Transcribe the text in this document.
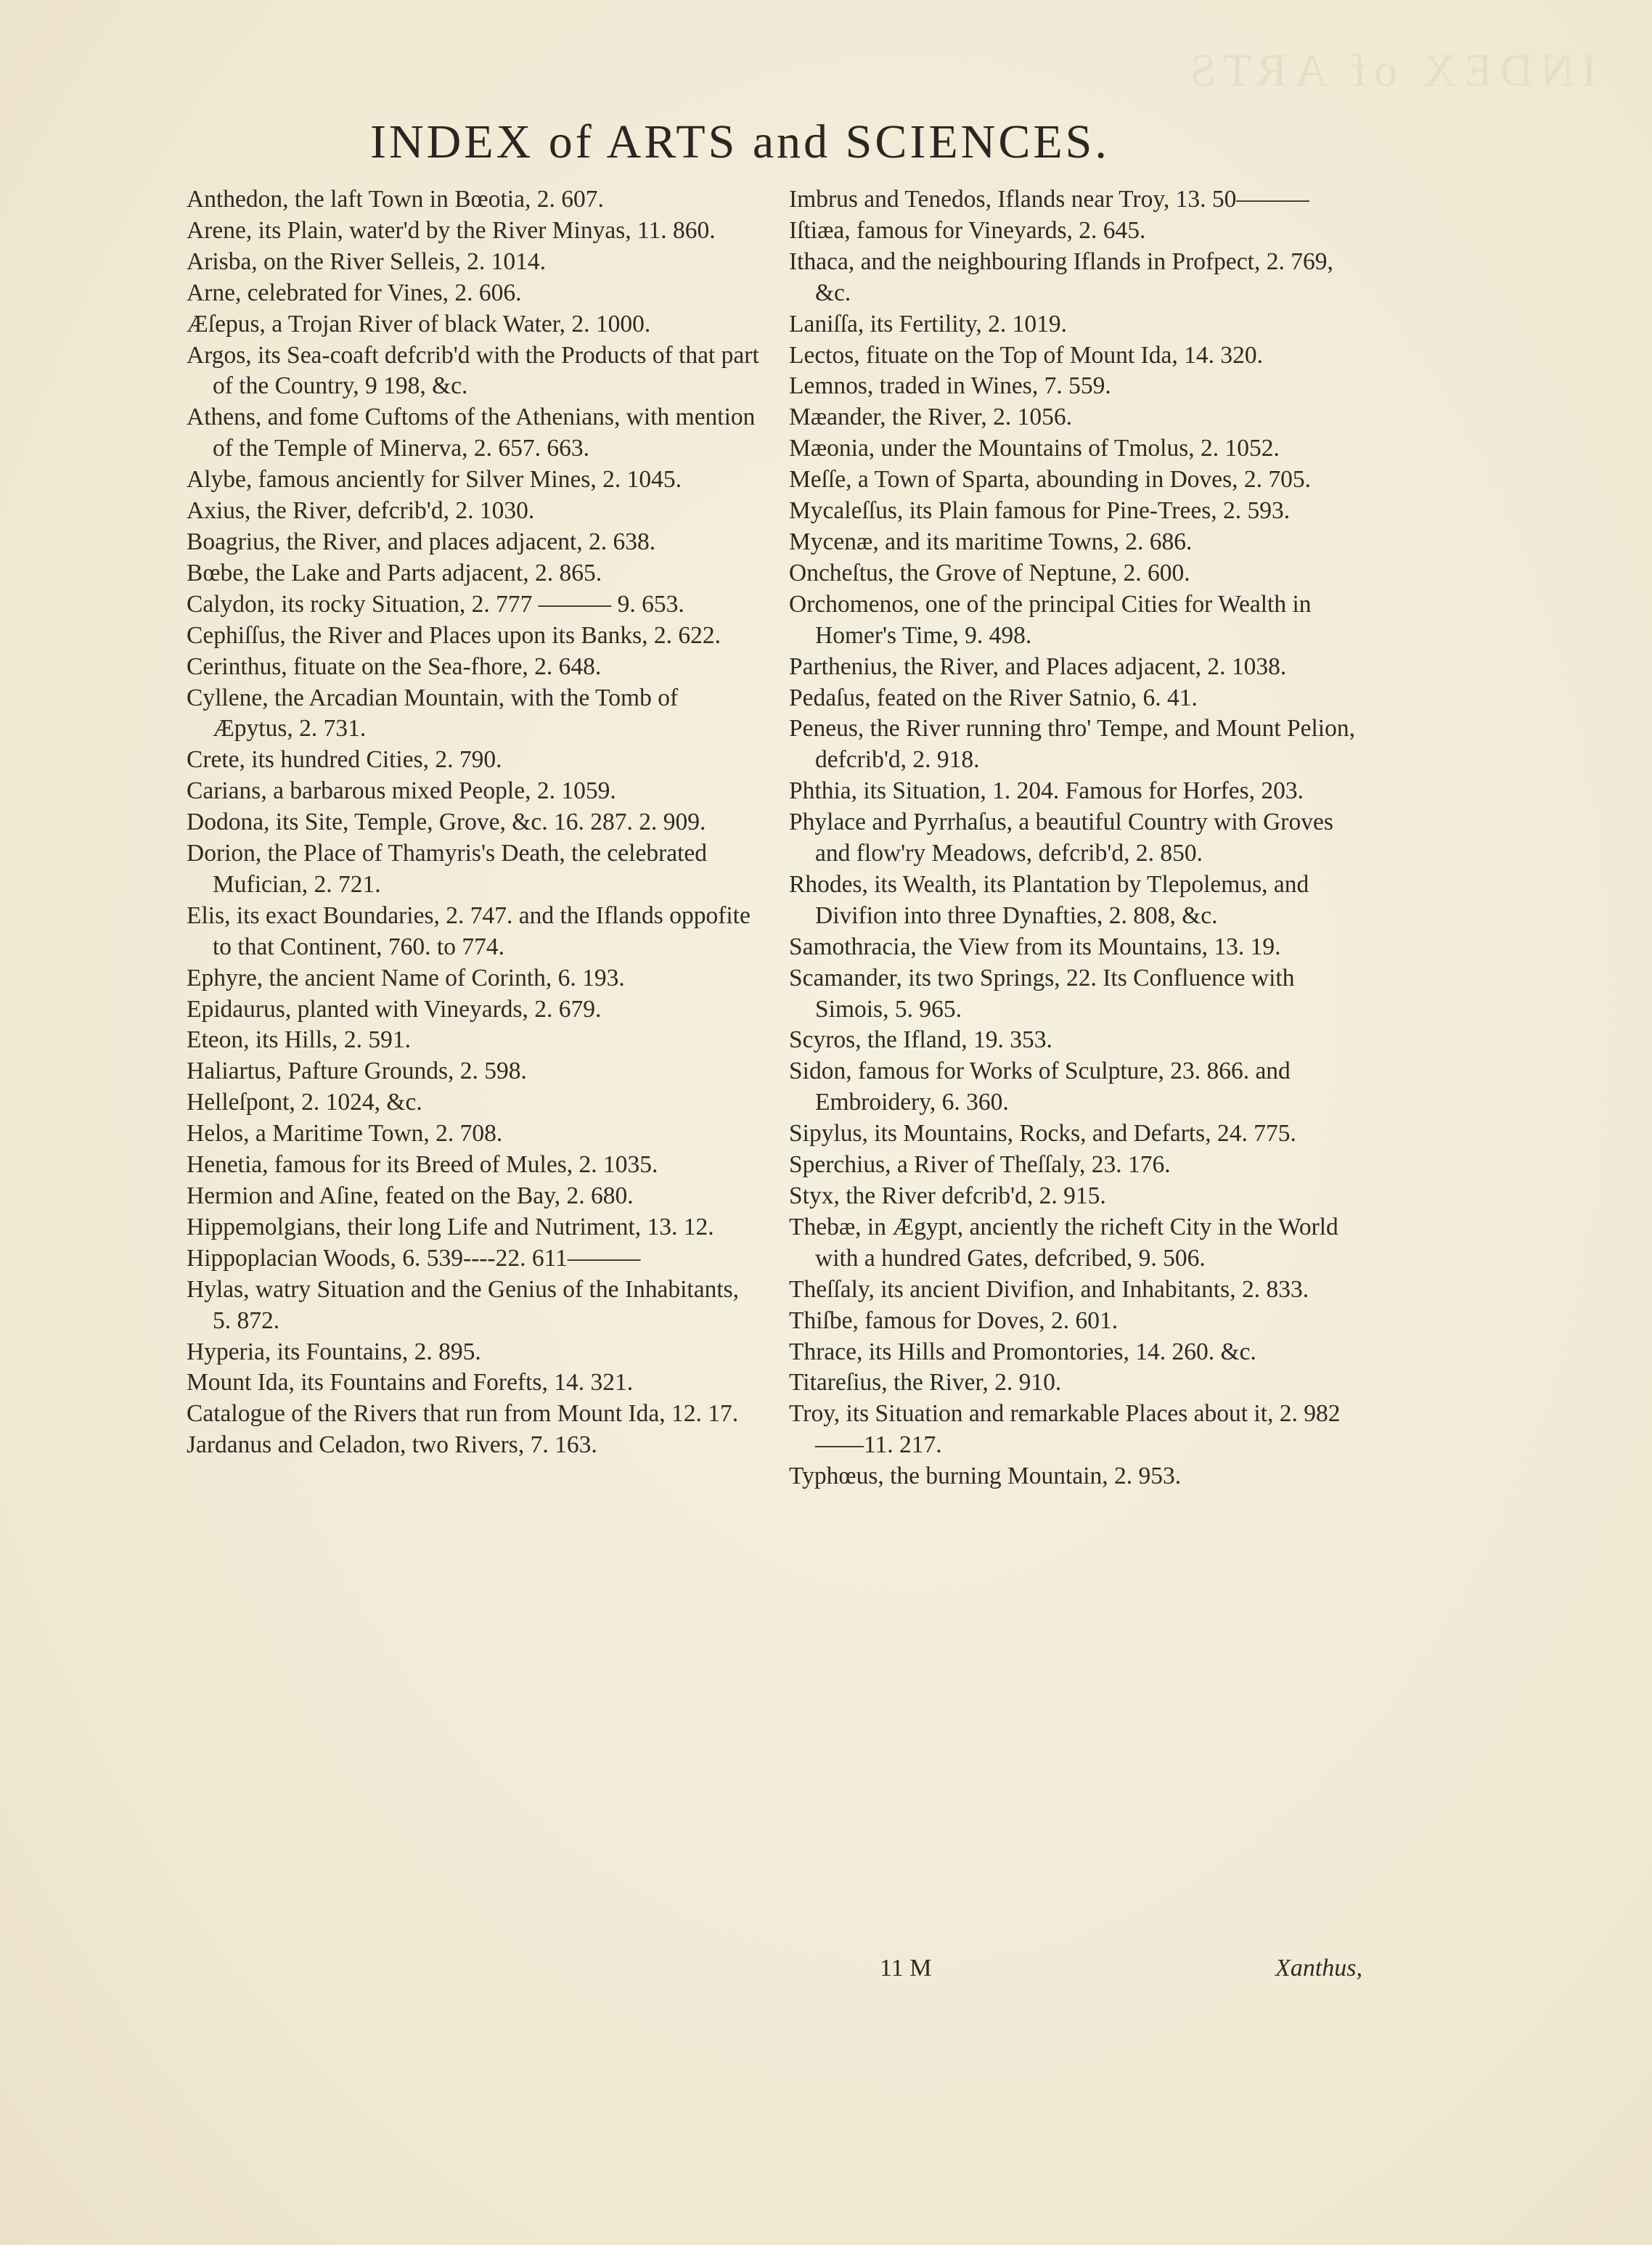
INDEX of ARTS
INDEX of ARTS and SCIENCES.

Anthedon, the laft Town in Bœotia, 2. 607.

Arene, its Plain, water'd by the River Minyas, 11. 860.

Arisba, on the River Selleis, 2. 1014.

Arne, celebrated for Vines, 2. 606.

Æſepus, a Trojan River of black Water, 2. 1000.

Argos, its Sea-coaft defcrib'd with the Products of that part of the Country, 9 198, &c.

Athens, and fome Cuftoms of the Athenians, with mention of the Temple of Minerva, 2. 657. 663.

Alybe, famous anciently for Silver Mines, 2. 1045.

Axius, the River, defcrib'd, 2. 1030.

Boagrius, the River, and places adjacent, 2. 638.

Bœbe, the Lake and Parts adjacent, 2. 865.

Calydon, its rocky Situation, 2. 777 ——— 9. 653.

Cephiſſus, the River and Places upon its Banks, 2. 622.

Cerinthus, fituate on the Sea-fhore, 2. 648.

Cyllene, the Arcadian Mountain, with the Tomb of Æpytus, 2. 731.

Crete, its hundred Cities, 2. 790.

Carians, a barbarous mixed People, 2. 1059.

Dodona, its Site, Temple, Grove, &c. 16. 287. 2. 909.

Dorion, the Place of Thamyris's Death, the celebrated Mufician, 2. 721.

Elis, its exact Boundaries, 2. 747. and the Iflands oppofite to that Continent, 760. to 774.

Ephyre, the ancient Name of Corinth, 6. 193.

Epidaurus, planted with Vineyards, 2. 679.

Eteon, its Hills, 2. 591.

Haliartus, Pafture Grounds, 2. 598.

Helleſpont, 2. 1024, &c.

Helos, a Maritime Town, 2. 708.

Henetia, famous for its Breed of Mules, 2. 1035.

Hermion and Aſine, feated on the Bay, 2. 680.

Hippemolgians, their long Life and Nutriment, 13. 12.

Hippoplacian Woods, 6. 539----22. 611———

Hylas, watry Situation and the Genius of the Inhabitants, 5. 872.

Hyperia, its Fountains, 2. 895.

Mount Ida, its Fountains and Forefts, 14. 321.

Catalogue of the Rivers that run from Mount Ida, 12. 17.

Jardanus and Celadon, two Rivers, 7. 163.

Imbrus and Tenedos, Iflands near Troy, 13. 50———

Iſtiæa, famous for Vineyards, 2. 645.

Ithaca, and the neighbouring Iflands in Profpect, 2. 769, &c.

Laniſſa, its Fertility, 2. 1019.

Lectos, fituate on the Top of Mount Ida, 14. 320.

Lemnos, traded in Wines, 7. 559.

Mæander, the River, 2. 1056.

Mæonia, under the Mountains of Tmolus, 2. 1052.

Meſſe, a Town of Sparta, abounding in Doves, 2. 705.

Mycaleſſus, its Plain famous for Pine-Trees, 2. 593.

Mycenæ, and its maritime Towns, 2. 686.

Oncheſtus, the Grove of Neptune, 2. 600.

Orchomenos, one of the principal Cities for Wealth in Homer's Time, 9. 498.

Parthenius, the River, and Places adjacent, 2. 1038.

Pedaſus, feated on the River Satnio, 6. 41.

Peneus, the River running thro' Tempe, and Mount Pelion, defcrib'd, 2. 918.

Phthia, its Situation, 1. 204. Famous for Horfes, 203.

Phylace and Pyrrhaſus, a beautiful Country with Groves and flow'ry Meadows, defcrib'd, 2. 850.

Rhodes, its Wealth, its Plantation by Tlepolemus, and Divifion into three Dynafties, 2. 808, &c.

Samothracia, the View from its Mountains, 13. 19.

Scamander, its two Springs, 22. Its Confluence with Simois, 5. 965.

Scyros, the Ifland, 19. 353.

Sidon, famous for Works of Sculpture, 23. 866. and Embroidery, 6. 360.

Sipylus, its Mountains, Rocks, and Defarts, 24. 775.

Sperchius, a River of Theſſaly, 23. 176.

Styx, the River defcrib'd, 2. 915.

Thebæ, in Ægypt, anciently the richeft City in the World with a hundred Gates, defcribed, 9. 506.

Theſſaly, its ancient Divifion, and Inhabitants, 2. 833.

Thiſbe, famous for Doves, 2. 601.

Thrace, its Hills and Promontories, 14. 260. &c.

Titareſius, the River, 2. 910.

Troy, its Situation and remarkable Places about it, 2. 982——11. 217.

Typhœus, the burning Mountain, 2. 953.

11 M	Xanthus,
